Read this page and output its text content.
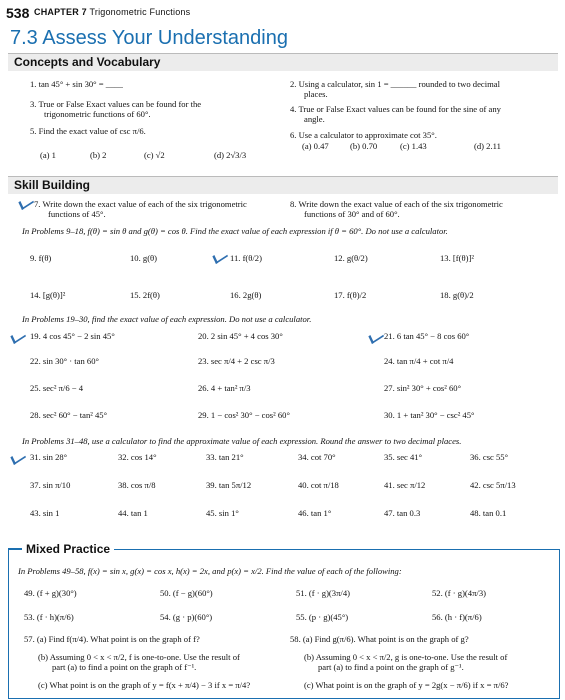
538 CHAPTER 7 Trigonometric Functions
7.3 Assess Your Understanding
Concepts and Vocabulary
1. tan 45° + sin 30° = ____	2. Using a calculator, sin 1 = ______ rounded to two decimal
places.
3. True or False Exact values can be found for the
trigonometric functions of 60°.	4. True or False Exact values can be found for the sine of any
angle.
5. Find the exact value of csc π/6.	6. Use a calculator to approximate cot 35°.
(a) 1	(b) 2	(c) √2	(d) 2√3/3
(a) 0.47 (b) 0.70	(c) 1.43	(d) 2.11
Skill Building
7. Write down the exact value of each of the six trigonometric
functions of 45°.
8. Write down the exact value of each of the six trigonometric
functions of 30° and of 60°.
In Problems 9–18, f(θ) = sin θ and g(θ) = cos θ. Find the exact value of each expression if θ = 60°. Do not use a calculator.
9. f(θ)	10. g(θ)	11. f(θ/2)	12. g(θ/2)	13. [f(θ)]²
14. [g(θ)]²	15. 2f(θ)	16. 2g(θ)	17. f(θ)/2	18. g(θ)/2
In Problems 19–30, find the exact value of each expression. Do not use a calculator.
19. 4 cos 45° − 2 sin 45°	20. 2 sin 45° + 4 cos 30°	21. 6 tan 45° − 8 cos 60°
22. sin 30° · tan 60°	23. sec π/4 + 2 csc π/3	24. tan π/4 + cot π/4
25. sec² π/6 − 4	26. 4 + tan² π/3	27. sin² 30° + cos² 60°
28. sec² 60° − tan² 45°	29. 1 − cos² 30° − cos² 60°	30. 1 + tan² 30° − csc² 45°
In Problems 31–48, use a calculator to find the approximate value of each expression. Round the answer to two decimal places.
31. sin 28°	32. cos 14°	33. tan 21°	34. cot 70°	35. sec 41°	36. csc 55°
37. sin π/10	38. cos π/8	39. tan 5π/12	40. cot π/18	41. sec π/12	42. csc 5π/13
43. sin 1	44. tan 1	45. sin 1°	46. tan 1°	47. tan 0.3	48. tan 0.1
Mixed Practice
In Problems 49–58, f(x) = sin x, g(x) = cos x, h(x) = 2x, and p(x) = x/2. Find the value of each of the following:
49. (f + g)(30°)	50. (f − g)(60°)	51. (f · g)(3π/4)	52. (f · g)(4π/3)
53. (f · h)(π/6)	54. (g · p)(60°)	55. (p · g)(45°)	56. (h · f)(π/6)
57. (a) Find f(π/4). What point is on the graph of f?
(b) Assuming 0 < x < π/2, f is one-to-one. Use the result of
part (a) to find a point on the graph of f⁻¹.
(c) What point is on the graph of y = f(x + π/4) − 3 if x = π/4?
58. (a) Find g(π/6). What point is on the graph of g?
(b) Assuming 0 < x < π/2, g is one-to-one. Use the result of
part (a) to find a point on the graph of g⁻¹.
(c) What point is on the graph of y = 2g(x − π/6) if x = π/6?
